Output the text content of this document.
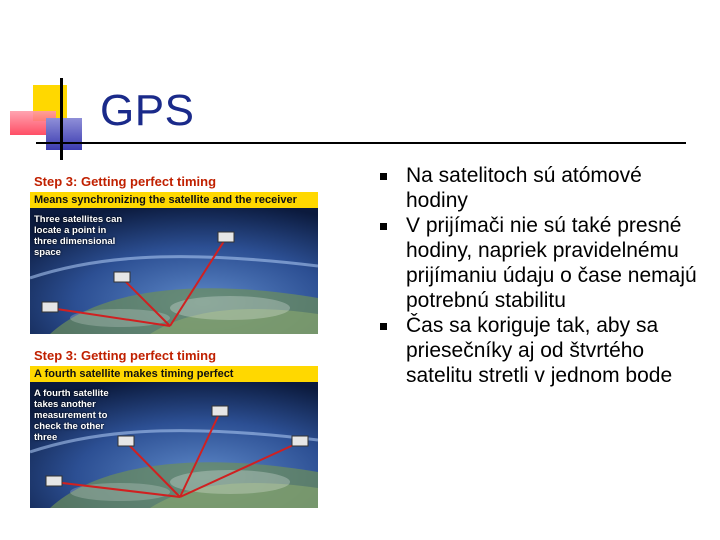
GPS
Step 3: Getting perfect timing
Means synchronizing the satellite and the receiver
Three satellites can locate a point in three dimensional space
Step 3: Getting perfect timing
A fourth satellite makes timing perfect
A fourth satellite takes another measurement to check the other three
Na satelitoch sú atómové hodiny
V prijímači nie sú také presné hodiny, napriek pravidelnému prijímaniu údaju o čase nemajú potrebnú stabilitu
Čas sa koriguje tak, aby sa priesečníky aj od štvrtého satelitu stretli v jednom bode
